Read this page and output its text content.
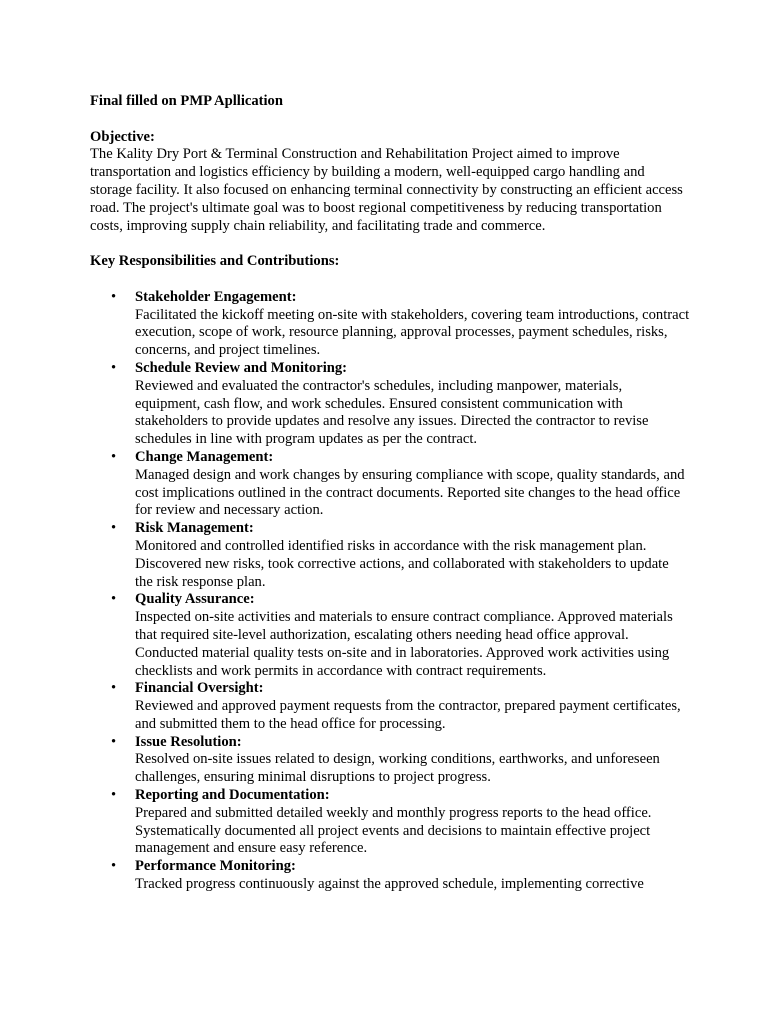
Final filled on PMP Apllication

Objective:

The Kality Dry Port & Terminal Construction and Rehabilitation Project aimed to improve transportation and logistics efficiency by building a modern, well-equipped cargo handling and storage facility. It also focused on enhancing terminal connectivity by constructing an efficient access road. The project's ultimate goal was to boost regional competitiveness by reducing transportation costs, improving supply chain reliability, and facilitating trade and commerce.

Key Responsibilities and Contributions:

• Stakeholder Engagement:
Facilitated the kickoff meeting on-site with stakeholders, covering team introductions, contract execution, scope of work, resource planning, approval processes, payment schedules, risks, concerns, and project timelines.
• Schedule Review and Monitoring:
Reviewed and evaluated the contractor's schedules, including manpower, materials, equipment, cash flow, and work schedules. Ensured consistent communication with stakeholders to provide updates and resolve any issues. Directed the contractor to revise schedules in line with program updates as per the contract.
• Change Management:
Managed design and work changes by ensuring compliance with scope, quality standards, and cost implications outlined in the contract documents. Reported site changes to the head office for review and necessary action.
• Risk Management:
Monitored and controlled identified risks in accordance with the risk management plan. Discovered new risks, took corrective actions, and collaborated with stakeholders to update the risk response plan.
• Quality Assurance:
Inspected on-site activities and materials to ensure contract compliance. Approved materials that required site-level authorization, escalating others needing head office approval. Conducted material quality tests on-site and in laboratories. Approved work activities using checklists and work permits in accordance with contract requirements.
• Financial Oversight:
Reviewed and approved payment requests from the contractor, prepared payment certificates, and submitted them to the head office for processing.
• Issue Resolution:
Resolved on-site issues related to design, working conditions, earthworks, and unforeseen challenges, ensuring minimal disruptions to project progress.
• Reporting and Documentation:
Prepared and submitted detailed weekly and monthly progress reports to the head office. Systematically documented all project events and decisions to maintain effective project management and ensure easy reference.
• Performance Monitoring:
Tracked progress continuously against the approved schedule, implementing corrective
